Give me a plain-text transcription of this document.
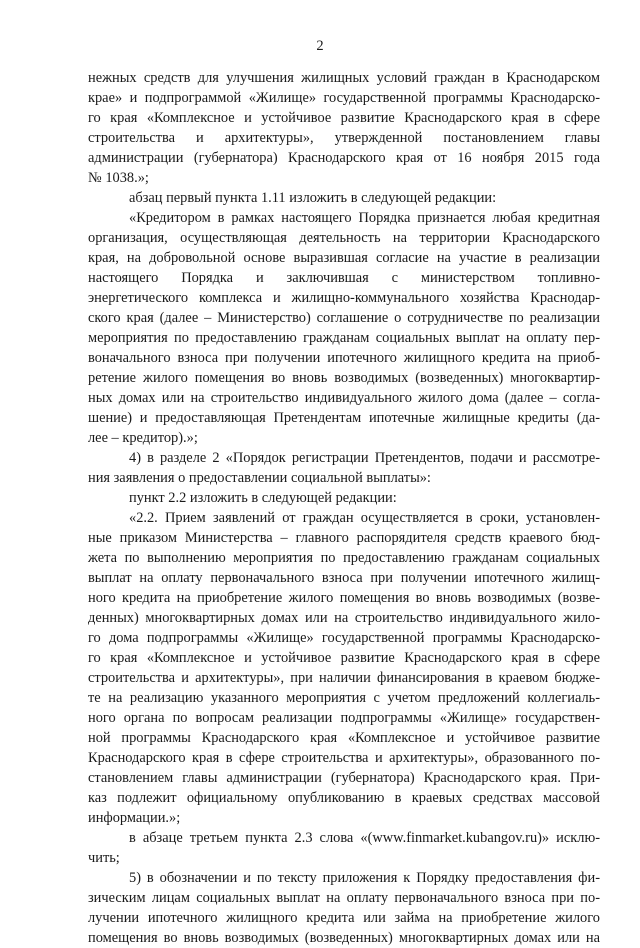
2
нежных средств для улучшения жилищных условий граждан в Краснодарском
крае» и подпрограммой «Жилище» государственной программы Краснодарско-
го края «Комплексное и устойчивое развитие Краснодарского края в сфере
строительства и архитектуры», утвержденной постановлением главы
администрации (губернатора) Краснодарского края от 16 ноября 2015 года
№ 1038.»;
абзац первый пункта 1.11 изложить в следующей редакции:
«Кредитором в рамках настоящего Порядка признается любая кредитная
организация, осуществляющая деятельность на территории Краснодарского
края, на добровольной основе выразившая согласие на участие в реализации
настоящего Порядка и заключившая с министерством топливно-
энергетического комплекса и жилищно-коммунального хозяйства Краснодар-
ского края (далее – Министерство) соглашение о сотрудничестве по реализации
мероприятия по предоставлению гражданам социальных выплат на оплату пер-
воначального взноса при получении ипотечного жилищного кредита на приоб-
ретение жилого помещения во вновь возводимых (возведенных) многоквартир-
ных домах или на строительство индивидуального жилого дома (далее – согла-
шение) и предоставляющая Претендентам ипотечные жилищные кредиты (да-
лее – кредитор).»;
4) в разделе 2 «Порядок регистрации Претендентов, подачи и рассмотре-
ния заявления о предоставлении социальной выплаты»:
пункт 2.2 изложить в следующей редакции:
«2.2. Прием заявлений от граждан осуществляется в сроки, установлен-
ные приказом Министерства – главного распорядителя средств краевого бюд-
жета по выполнению мероприятия по предоставлению гражданам социальных
выплат на оплату первоначального взноса при получении ипотечного жилищ-
ного кредита на приобретение жилого помещения во вновь возводимых (возве-
денных) многоквартирных домах или на строительство индивидуального жило-
го дома подпрограммы «Жилище» государственной программы Краснодарско-
го края «Комплексное и устойчивое развитие Краснодарского края в сфере
строительства и архитектуры», при наличии финансирования в краевом бюдже-
те на реализацию указанного мероприятия с учетом предложений коллегиаль-
ного органа по вопросам реализации подпрограммы «Жилище» государствен-
ной программы Краснодарского края «Комплексное и устойчивое развитие
Краснодарского края в сфере строительства и архитектуры», образованного по-
становлением главы администрации (губернатора) Краснодарского края. При-
каз подлежит официальному опубликованию в краевых средствах массовой
информации.»;
в абзаце третьем пункта 2.3 слова «(www.finmarket.kubangov.ru)» исклю-
чить;
5) в обозначении и по тексту приложения к Порядку предоставления фи-
зическим лицам социальных выплат на оплату первоначального взноса при по-
лучении ипотечного жилищного кредита или займа на приобретение жилого
помещения во вновь возводимых (возведенных) многоквартирных домах или на
